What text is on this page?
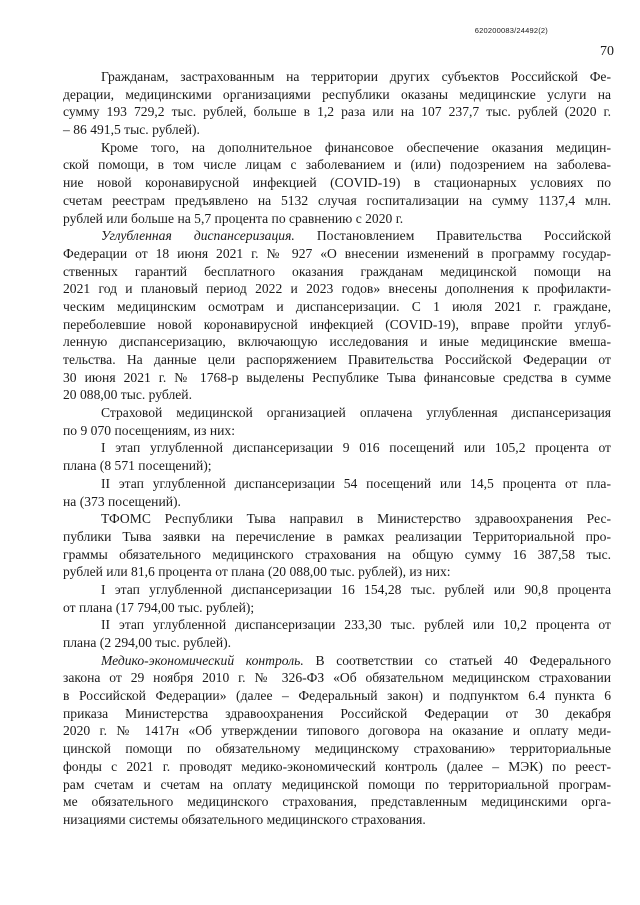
620200083/24492(2)
70
Гражданам, застрахованным на территории других субъектов Российской Фе-
дерации, медицинскими организациями республики оказаны медицинские услуги на
сумму 193 729,2 тыс. рублей, больше в 1,2 раза или на 107 237,7 тыс. рублей (2020 г.
– 86 491,5 тыс. рублей).
Кроме того, на дополнительное финансовое обеспечение оказания медицин-
ской помощи, в том числе лицам с заболеванием и (или) подозрением на заболева-
ние новой коронавирусной инфекцией (COVID-19) в стационарных условиях по
счетам реестрам предъявлено на 5132 случая госпитализации на сумму 1137,4 млн.
рублей или больше на 5,7 процента по сравнению с 2020 г.
Углубленная диспансеризация. Постановлением Правительства Российской
Федерации от 18 июня 2021 г. № 927 «О внесении изменений в программу государ-
ственных гарантий бесплатного оказания гражданам медицинской помощи на
2021 год и плановый период 2022 и 2023 годов» внесены дополнения к профилакти-
ческим медицинским осмотрам и диспансеризации. С 1 июля 2021 г. граждане,
переболевшие новой коронавирусной инфекцией (COVID-19), вправе пройти углуб-
ленную диспансеризацию, включающую исследования и иные медицинские вмеша-
тельства. На данные цели распоряжением Правительства Российской Федерации от
30 июня 2021 г. № 1768-р выделены Республике Тыва финансовые средства в сумме
20 088,00 тыс. рублей.
Страховой медицинской организацией оплачена углубленная диспансеризация
по 9 070 посещениям, из них:
I этап углубленной диспансеризации 9 016 посещений или 105,2 процента от
плана (8 571 посещений);
II этап углубленной диспансеризации 54 посещений или 14,5 процента от пла-
на (373 посещений).
ТФОМС Республики Тыва направил в Министерство здравоохранения Рес-
публики Тыва заявки на перечисление в рамках реализации Территориальной про-
граммы обязательного медицинского страхования на общую сумму 16 387,58 тыс.
рублей или 81,6 процента от плана (20 088,00 тыс. рублей), из них:
I этап углубленной диспансеризации 16 154,28 тыс. рублей или 90,8 процента
от плана (17 794,00 тыс. рублей);
II этап углубленной диспансеризации 233,30 тыс. рублей или 10,2 процента от
плана (2 294,00 тыс. рублей).
Медико-экономический контроль. В соответствии со статьей 40 Федерального
закона от 29 ноября 2010 г. № 326-ФЗ «Об обязательном медицинском страховании
в Российской Федерации» (далее – Федеральный закон) и подпунктом 6.4 пункта 6
приказа Министерства здравоохранения Российской Федерации от 30 декабря
2020 г. № 1417н «Об утверждении типового договора на оказание и оплату меди-
цинской помощи по обязательному медицинскому страхованию» территориальные
фонды с 2021 г. проводят медико-экономический контроль (далее – МЭК) по реест-
рам счетам и счетам на оплату медицинской помощи по территориальной програм-
ме обязательного медицинского страхования, представленным медицинскими орга-
низациями системы обязательного медицинского страхования.
